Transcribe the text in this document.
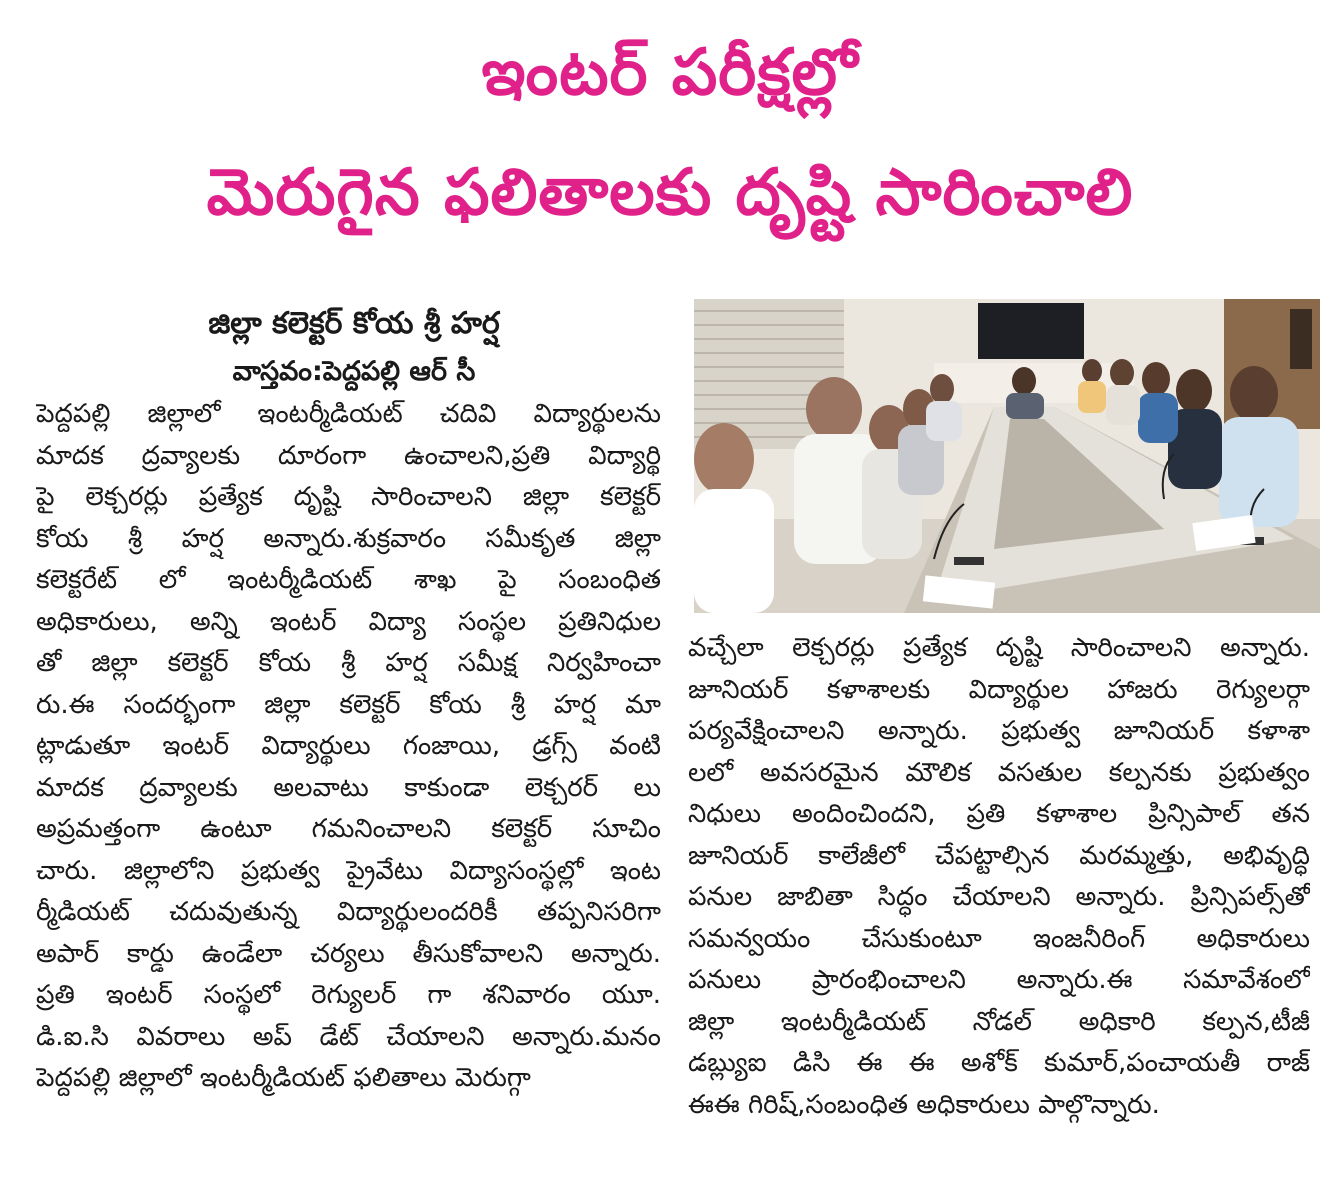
ఇంటర్ పరీక్షల్లో
మెరుగైన ఫలితాలకు దృష్టి సారించాలి
జిల్లా కలెక్టర్ కోయ శ్రీ హర్ష
వాస్తవం:పెద్దపల్లి ఆర్ సీ
పెద్దపల్లి జిల్లాలో ఇంటర్మీడియట్ చదివి విద్యార్థులను
మాదక ద్రవ్యాలకు దూరంగా ఉంచాలని,ప్రతి విద్యార్థి
పై లెక్చరర్లు ప్రత్యేక దృష్టి సారించాలని జిల్లా కలెక్టర్
కోయ శ్రీ హర్ష అన్నారు.శుక్రవారం సమీకృత జిల్లా
కలెక్టరేట్ లో ఇంటర్మీడియట్ శాఖ పై సంబంధిత
అధికారులు, అన్ని ఇంటర్ విద్యా సంస్థల ప్రతినిధుల
తో జిల్లా కలెక్టర్ కోయ శ్రీ హర్ష సమీక్ష నిర్వహించా
రు.ఈ సందర్భంగా జిల్లా కలెక్టర్ కోయ శ్రీ హర్ష మా
ట్లాడుతూ ఇంటర్ విద్యార్థులు గంజాయి, డ్రగ్స్ వంటి
మాదక ద్రవ్యాలకు అలవాటు కాకుండా లెక్చరర్ లు
అప్రమత్తంగా ఉంటూ గమనించాలని కలెక్టర్ సూచిం
చారు. జిల్లాలోని ప్రభుత్వ ప్రైవేటు విద్యాసంస్థల్లో ఇంట
ర్మీడియట్ చదువుతున్న విద్యార్థులందరికీ తప్పనిసరిగా
అపార్ కార్డు ఉండేలా చర్యలు తీసుకోవాలని అన్నారు.
ప్రతి ఇంటర్ సంస్థలో రెగ్యులర్ గా శనివారం యూ.
డి.ఐ.సి వివరాలు అప్ డేట్ చేయాలని అన్నారు.మనం
పెద్దపల్లి జిల్లాలో ఇంటర్మీడియట్ ఫలితాలు మెరుగ్గా
వచ్చేలా లెక్చరర్లు ప్రత్యేక దృష్టి సారించాలని అన్నారు.
జూనియర్ కళాశాలకు విద్యార్థుల హాజరు రెగ్యులర్గా
పర్యవేక్షించాలని అన్నారు. ప్రభుత్వ జూనియర్ కళాశా
లలో అవసరమైన మౌలిక వసతుల కల్పనకు ప్రభుత్వం
నిధులు అందించిందని, ప్రతి కళాశాల ప్రిన్సిపాల్ తన
జూనియర్ కాలేజీలో చేపట్టాల్సిన మరమ్మత్తు, అభివృద్ధి
పనుల జాబితా సిద్ధం చేయాలని అన్నారు. ప్రిన్సిపల్స్‌తో
సమన్వయం చేసుకుంటూ ఇంజనీరింగ్ అధికారులు
పనులు ప్రారంభించాలని అన్నారు.ఈ సమావేశంలో
జిల్లా ఇంటర్మీడియట్ నోడల్ అధికారి కల్పన,టీజీ
డబ్ల్యుఐ డిసి ఈ ఈ అశోక్ కుమార్,పంచాయతీ రాజ్
ఈఈ గిరిష్,సంబంధిత అధికారులు పాల్గొన్నారు.
